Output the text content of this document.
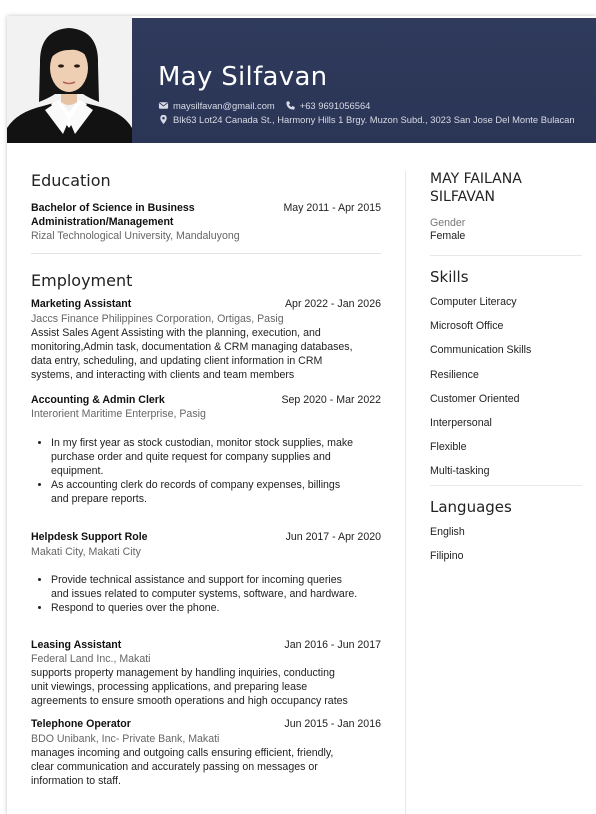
May Silfavan
maysilfavan@gmail.com	+63 9691056564
Blk63 Lot24 Canada St., Harmony Hills 1 Brgy. Muzon Subd., 3023 San Jose Del Monte Bulacan
Education
Bachelor of Science in Business
Administration/Management
May 2011 - Apr 2015
Rizal Technological University, Mandaluyong
Employment
Marketing Assistant	Apr 2022 - Jan 2026
Jaccs Finance Philippines Corporation, Ortigas, Pasig
Assist Sales Agent Assisting with the planning, execution, and
monitoring,Admin task, documentation & CRM managing databases,
data entry, scheduling, and updating client information in CRM
systems, and interacting with clients and team members
Accounting & Admin Clerk	Sep 2020 - Mar 2022
Interorient Maritime Enterprise, Pasig
• In my first year as stock custodian, monitor stock supplies, make
purchase order and quite request for company supplies and
equipment.
• As accounting clerk do records of company expenses, billings
and prepare reports.
Helpdesk Support Role	Jun 2017 - Apr 2020
Makati City, Makati City
• Provide technical assistance and support for incoming queries
and issues related to computer systems, software, and hardware.
• Respond to queries over the phone.
Leasing Assistant	Jan 2016 - Jun 2017
Federal Land Inc., Makati
supports property management by handling inquiries, conducting
unit viewings, processing applications, and preparing lease
agreements to ensure smooth operations and high occupancy rates
Telephone Operator	Jun 2015 - Jan 2016
BDO Unibank, Inc- Private Bank, Makati
manages incoming and outgoing calls ensuring efficient, friendly,
clear communication and accurately passing on messages or
information to staff.
MAY FAILANA
SILFAVAN
Gender
Female
Skills
Computer Literacy
Microsoft Office
Communication Skills
Resilience
Customer Oriented
Interpersonal
Flexible
Multi-tasking
Languages
English
Filipino
